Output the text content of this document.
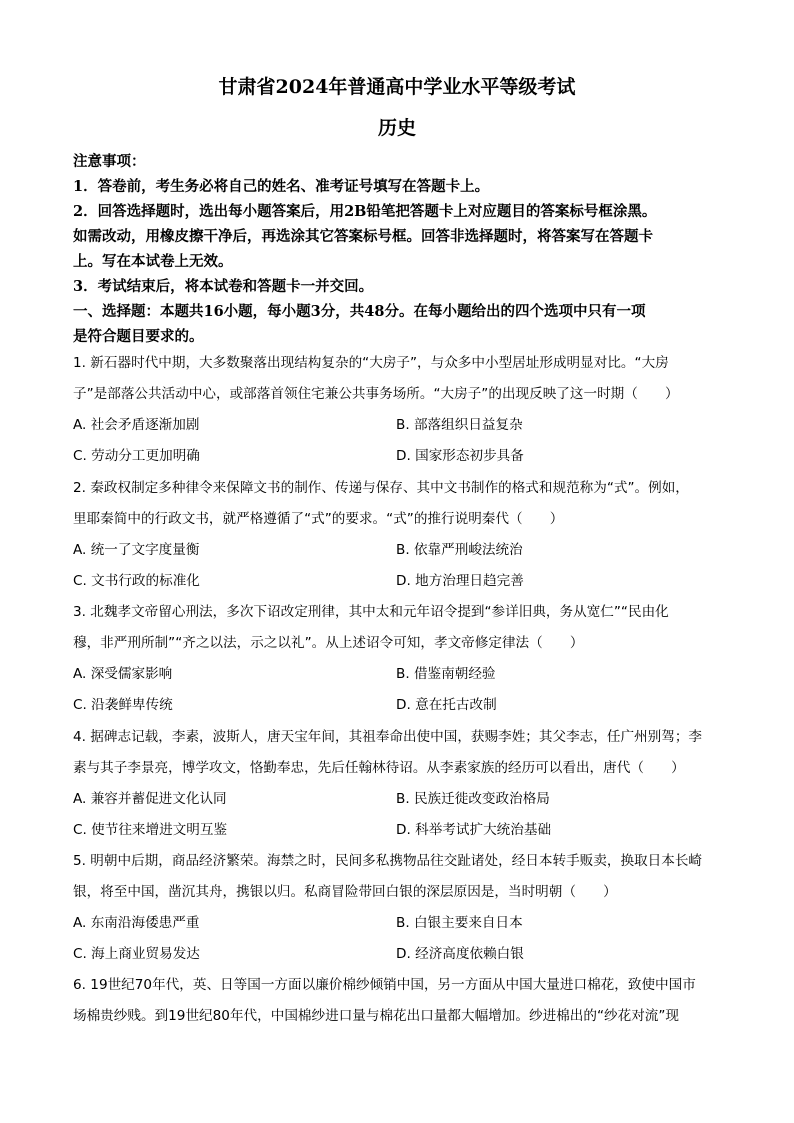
甘肃省2024年普通高中学业水平等级考试
历史
注意事项：
1．答卷前，考生务必将自己的姓名、准考证号填写在答题卡上。
2．回答选择题时，选出每小题答案后，用2B铅笔把答题卡上对应题目的答案标号框涂黑。
如需改动，用橡皮擦干净后，再选涂其它答案标号框。回答非选择题时，将答案写在答题卡
上。写在本试卷上无效。
3．考试结束后，将本试卷和答题卡一并交回。
一、选择题：本题共16小题，每小题3分，共48分。在每小题给出的四个选项中只有一项
是符合题目要求的。
1. 新石器时代中期，大多数聚落出现结构复杂的“大房子”，与众多中小型居址形成明显对比。“大房
子”是部落公共活动中心，或部落首领住宅兼公共事务场所。“大房子”的出现反映了这一时期（　　）
A. 社会矛盾逐渐加剧	B. 部落组织日益复杂
C. 劳动分工更加明确	D. 国家形态初步具备
2. 秦政权制定多种律令来保障文书的制作、传递与保存、其中文书制作的格式和规范称为“式”。例如，
里耶秦简中的行政文书，就严格遵循了“式”的要求。“式”的推行说明秦代（　　）
A. 统一了文字度量衡	B. 依靠严刑峻法统治
C. 文书行政的标准化	D. 地方治理日趋完善
3. 北魏孝文帝留心刑法，多次下诏改定刑律，其中太和元年诏令提到“参详旧典，务从宽仁”“民由化
穆，非严刑所制”“齐之以法，示之以礼”。从上述诏令可知，孝文帝修定律法（　　）
A. 深受儒家影响	B. 借鉴南朝经验
C. 沿袭鲜卑传统	D. 意在托古改制
4. 据碑志记载，李素，波斯人，唐天宝年间，其祖奉命出使中国，获赐李姓；其父李志，任广州别驾；李
素与其子李景亮，博学攻文，恪勤奉忠，先后任翰林待诏。从李素家族的经历可以看出，唐代（　　）
A. 兼容并蓄促进文化认同	B. 民族迁徙改变政治格局
C. 使节往来增进文明互鉴	D. 科举考试扩大统治基础
5. 明朝中后期，商品经济繁荣。海禁之时，民间多私携物品往交趾诸处，经日本转手贩卖，换取日本长崎
银，将至中国，凿沉其舟，携银以归。私商冒险带回白银的深层原因是，当时明朝（　　）
A. 东南沿海倭患严重	B. 白银主要来自日本
C. 海上商业贸易发达	D. 经济高度依赖白银
6. 19世纪70年代，英、日等国一方面以廉价棉纱倾销中国，另一方面从中国大量进口棉花，致使中国市
场棉贵纱贱。到19世纪80年代，中国棉纱进口量与棉花出口量都大幅增加。纱进棉出的“纱花对流”现
